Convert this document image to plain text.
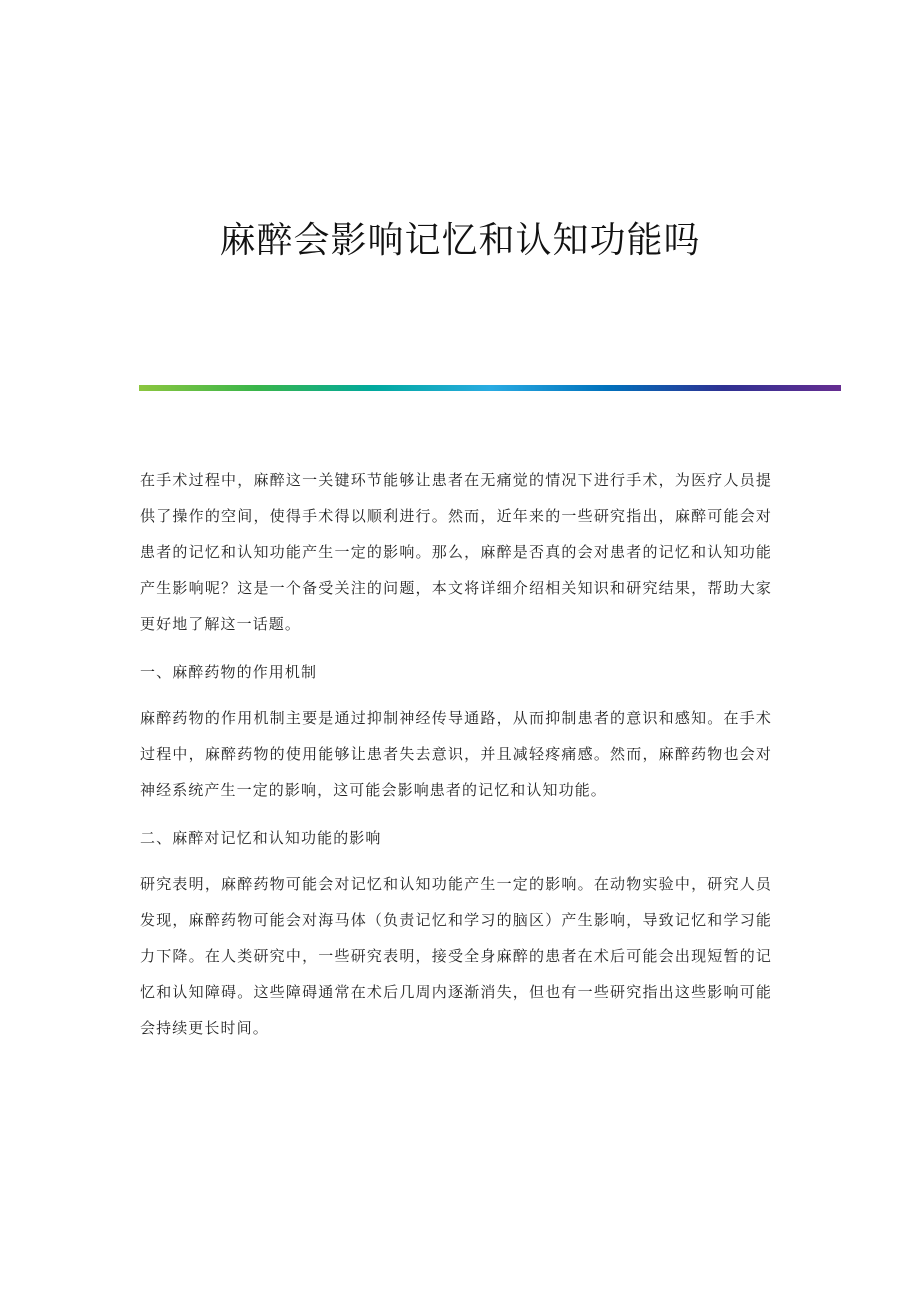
麻醉会影响记忆和认知功能吗

在手术过程中，麻醉这一关键环节能够让患者在无痛觉的情况下进行手术，为医疗人员提供了操作的空间，使得手术得以顺利进行。然而，近年来的一些研究指出，麻醉可能会对患者的记忆和认知功能产生一定的影响。那么，麻醉是否真的会对患者的记忆和认知功能产生影响呢？这是一个备受关注的问题，本文将详细介绍相关知识和研究结果，帮助大家更好地了解这一话题。

一、麻醉药物的作用机制

麻醉药物的作用机制主要是通过抑制神经传导通路，从而抑制患者的意识和感知。在手术过程中，麻醉药物的使用能够让患者失去意识，并且减轻疼痛感。然而，麻醉药物也会对神经系统产生一定的影响，这可能会影响患者的记忆和认知功能。

二、麻醉对记忆和认知功能的影响

研究表明，麻醉药物可能会对记忆和认知功能产生一定的影响。在动物实验中，研究人员发现，麻醉药物可能会对海马体（负责记忆和学习的脑区）产生影响，导致记忆和学习能力下降。在人类研究中，一些研究表明，接受全身麻醉的患者在术后可能会出现短暂的记忆和认知障碍。这些障碍通常在术后几周内逐渐消失，但也有一些研究指出这些影响可能会持续更长时间。
